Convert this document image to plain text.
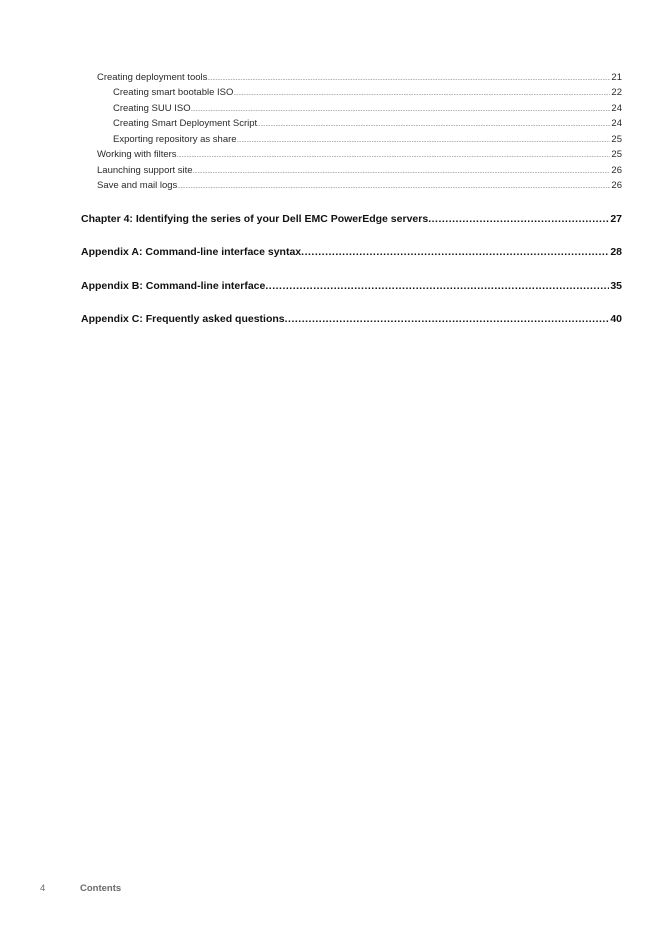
Creating deployment tools .....	21
Creating smart bootable ISO .....	22
Creating SUU ISO .....	24
Creating Smart Deployment Script .....	24
Exporting repository as share .....	25
Working with filters .....	25
Launching support site .....	26
Save and mail logs .....	26
Chapter 4: Identifying the series of your Dell EMC PowerEdge servers .....	27
Appendix A: Command-line interface syntax .....	28
Appendix B: Command-line interface .....	35
Appendix C: Frequently asked questions .....	40
4	Contents
